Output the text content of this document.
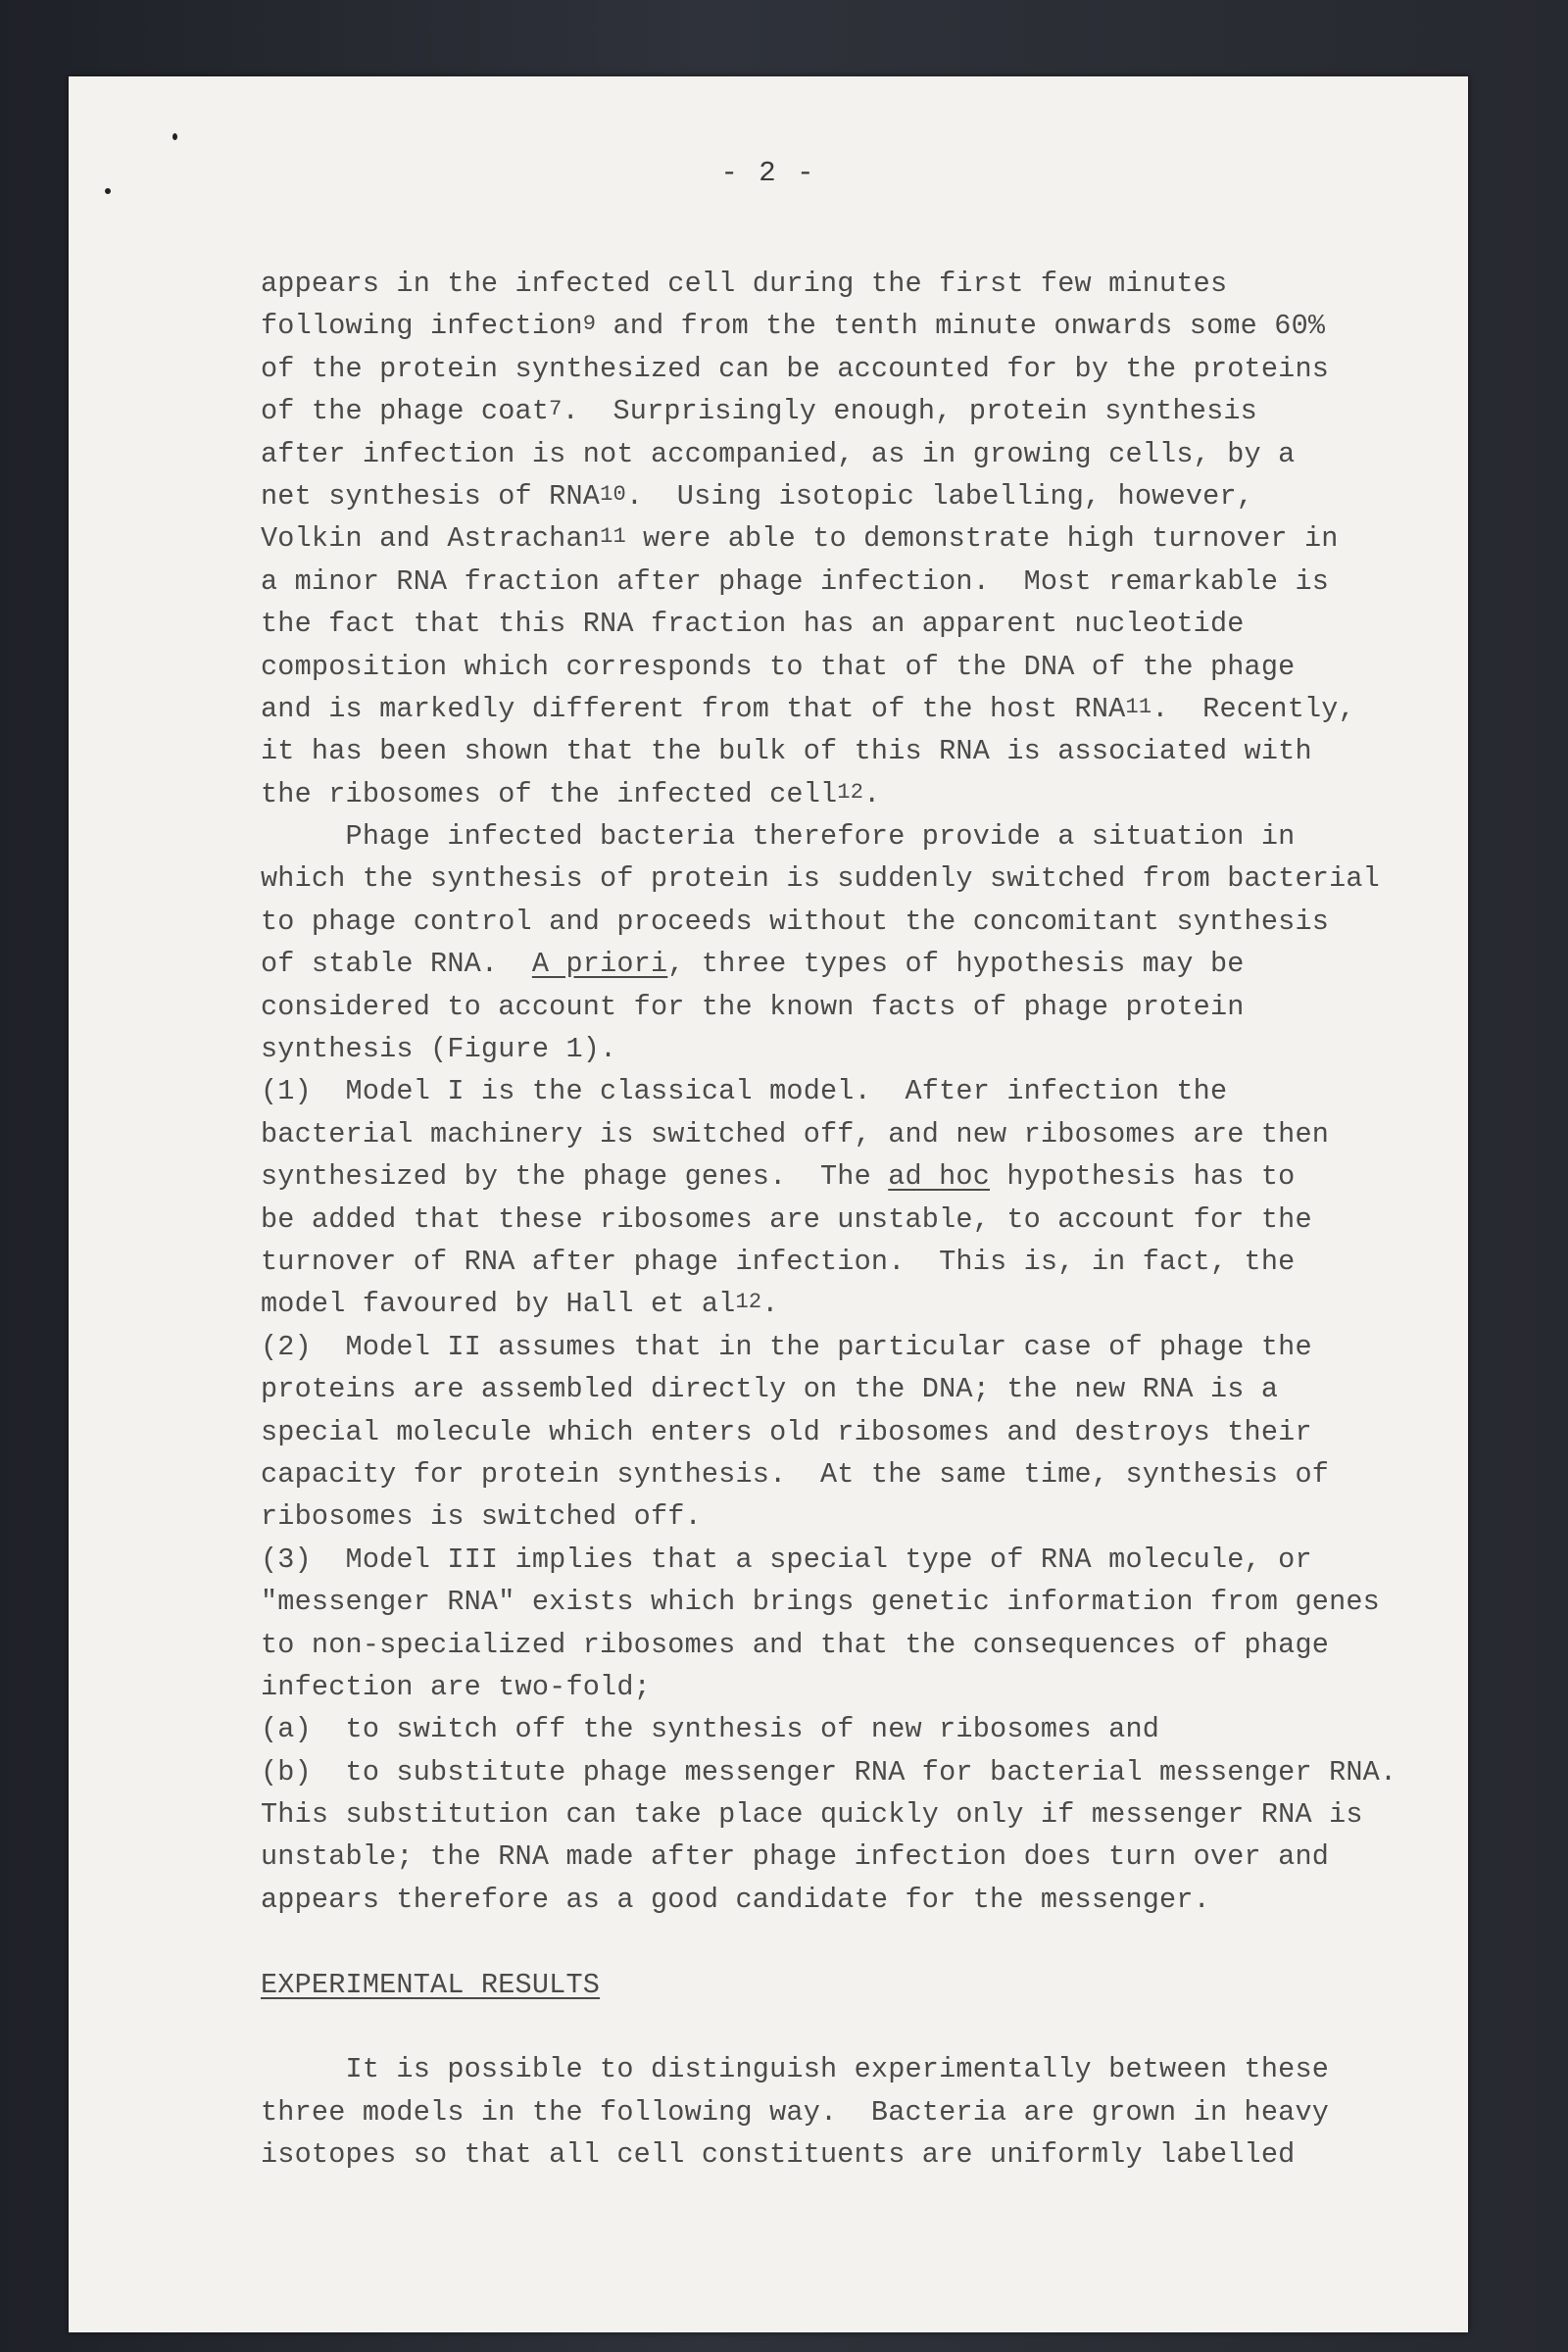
- 2 -
appears in the infected cell during the first few minutes
following infection$^9$ and from the tenth minute onwards some 60%
of the protein synthesized can be accounted for by the proteins
of the phage coat$^7$.  Surprisingly enough, protein synthesis
after infection is not accompanied, as in growing cells, by a
net synthesis of RNA$^{10}$.  Using isotopic labelling, however,
Volkin and Astrachan$^{11}$ were able to demonstrate high turnover in
a minor RNA fraction after phage infection.  Most remarkable is
the fact that this RNA fraction has an apparent nucleotide
composition which corresponds to that of the DNA of the phage
and is markedly different from that of the host RNA$^{11}$.  Recently,
it has been shown that the bulk of this RNA is associated with
the ribosomes of the infected cell$^{12}$.
Phage infected bacteria therefore provide a situation in
which the synthesis of protein is suddenly switched from bacterial
to phage control and proceeds without the concomitant synthesis
of stable RNA.  A priori, three types of hypothesis may be
considered to account for the known facts of phage protein
synthesis (Figure 1).
(1)  Model I is the classical model.  After infection the
bacterial machinery is switched off, and new ribosomes are then
synthesized by the phage genes.  The ad hoc hypothesis has to
be added that these ribosomes are unstable, to account for the
turnover of RNA after phage infection.  This is, in fact, the
model favoured by Hall et $al^{12}$.
(2)  Model II assumes that in the particular case of phage the
proteins are assembled directly on the DNA; the new RNA is a
special molecule which enters old ribosomes and destroys their
capacity for protein synthesis.  At the same time, synthesis of
ribosomes is switched off.
(3)  Model III implies that a special type of RNA molecule, or
"messenger RNA" exists which brings genetic information from genes
to non-specialized ribosomes and that the consequences of phage
infection are two-fold;
(a)  to switch off the synthesis of new ribosomes and
(b)  to substitute phage messenger RNA for bacterial messenger RNA.
This substitution can take place quickly only if messenger RNA is
unstable; the RNA made after phage infection does turn over and
appears therefore as a good candidate for the messenger.
EXPERIMENTAL RESULTS
It is possible to distinguish experimentally between these
three models in the following way.  Bacteria are grown in heavy
isotopes so that all cell constituents are uniformly labelled
